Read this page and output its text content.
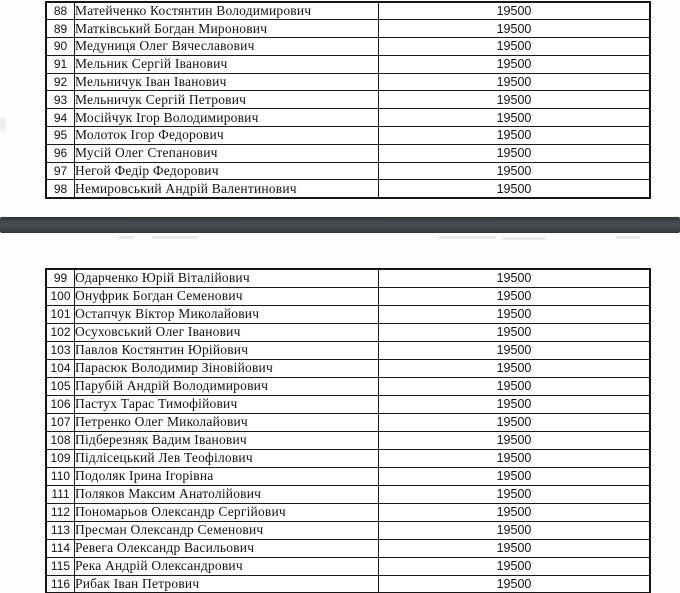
88	Матейченко Костянтин Володимирович	19500
89	Матківський Богдан Миронович	19500
90	Медуниця Олег Вячеславович	19500
91	Мельник Сергій Іванович	19500
92	Мельничук Іван Іванович	19500
93	Мельничук Сергій Петрович	19500
94	Мосійчук Ігор Володимирович	19500
95	Молоток Ігор Федорович	19500
96	Мусій Олег Степанович	19500
97	Негой Федір Федорович	19500
98	Немировський Андрій Валентинович	19500
99	Одарченко Юрій Віталійович	19500
100	Онуфрик Богдан Семенович	19500
101	Остапчук Віктор Миколайович	19500
102	Осуховський Олег Іванович	19500
103	Павлов Костянтин Юрійович	19500
104	Парасюк Володимир Зіновійович	19500
105	Парубій Андрій Володимирович	19500
106	Пастух Тарас Тимофійович	19500
107	Петренко Олег Миколайович	19500
108	Підберезняк Вадим Іванович	19500
109	Підлісецький Лев Теофілович	19500
110	Подоляк Ірина Ігорівна	19500
111	Поляков Максим Анатолійович	19500
112	Пономарьов Олександр Сергійович	19500
113	Пресман Олександр Семенович	19500
114	Ревега Олександр Васильович	19500
115	Река Андрій Олександрович	19500
116	Рибак Іван Петрович	19500
